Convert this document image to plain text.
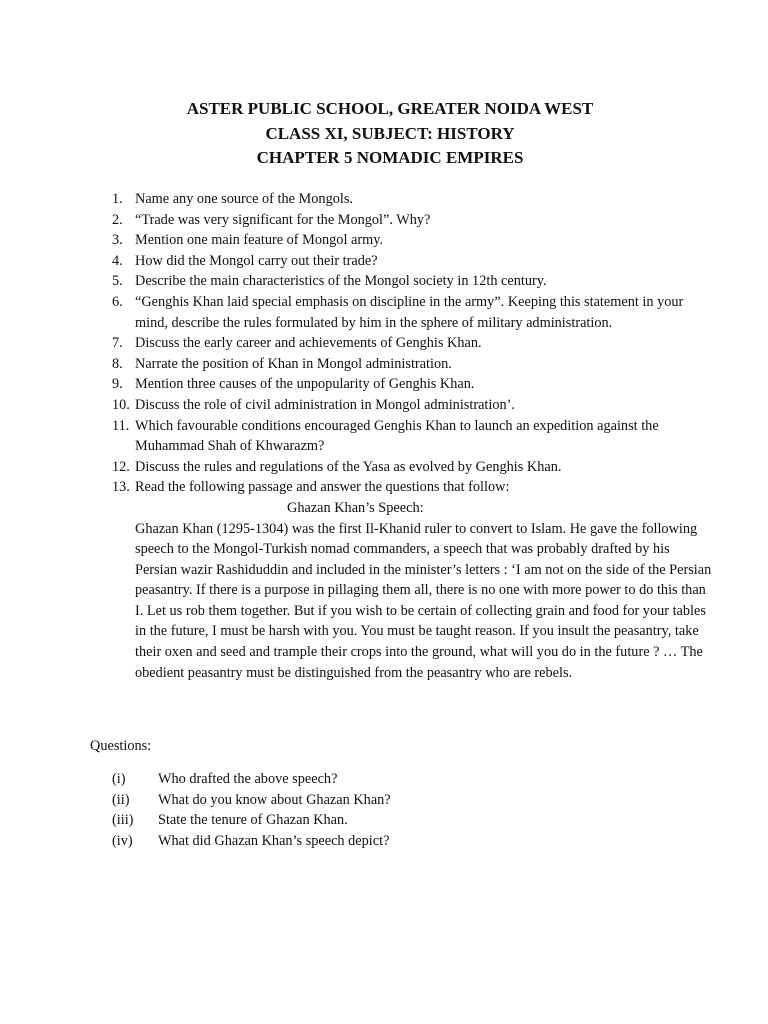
ASTER PUBLIC SCHOOL, GREATER NOIDA WEST
CLASS XI, SUBJECT: HISTORY
CHAPTER 5 NOMADIC EMPIRES
1. Name any one source of the Mongols.
2. “Trade was very significant for the Mongol”. Why?
3. Mention one main feature of Mongol army.
4. How did the Mongol carry out their trade?
5. Describe the main characteristics of the Mongol society in 12th century.
6. “Genghis Khan laid special emphasis on discipline in the army”. Keeping this statement in your mind, describe the rules formulated by him in the sphere of military administration.
7. Discuss the early career and achievements of Genghis Khan.
8. Narrate the position of Khan in Mongol administration.
9. Mention three causes of the unpopularity of Genghis Khan.
10. Discuss the role of civil administration in Mongol administration’.
11. Which favourable conditions encouraged Genghis Khan to launch an expedition against the Muhammad Shah of Khwarazm?
12. Discuss the rules and regulations of the Yasa as evolved by Genghis Khan.
13. Read the following passage and answer the questions that follow:
Ghazan Khan’s Speech:
Ghazan Khan (1295-1304) was the first Il-Khanid ruler to convert to Islam. He gave the following speech to the Mongol-Turkish nomad commanders, a speech that was probably drafted by his Persian wazir Rashiduddin and included in the minister’s letters : ‘I am not on the side of the Persian peasantry. If there is a purpose in pillaging them all, there is no one with more power to do this than I. Let us rob them together. But if you wish to be certain of collecting grain and food for your tables in the future, I must be harsh with you. You must be taught reason. If you insult the peasantry, take their oxen and seed and trample their crops into the ground, what will you do in the future ? … The obedient peasantry must be distinguished from the peasantry who are rebels.
Questions:
(i) Who drafted the above speech?
(ii) What do you know about Ghazan Khan?
(iii) State the tenure of Ghazan Khan.
(iv) What did Ghazan Khan’s speech depict?
